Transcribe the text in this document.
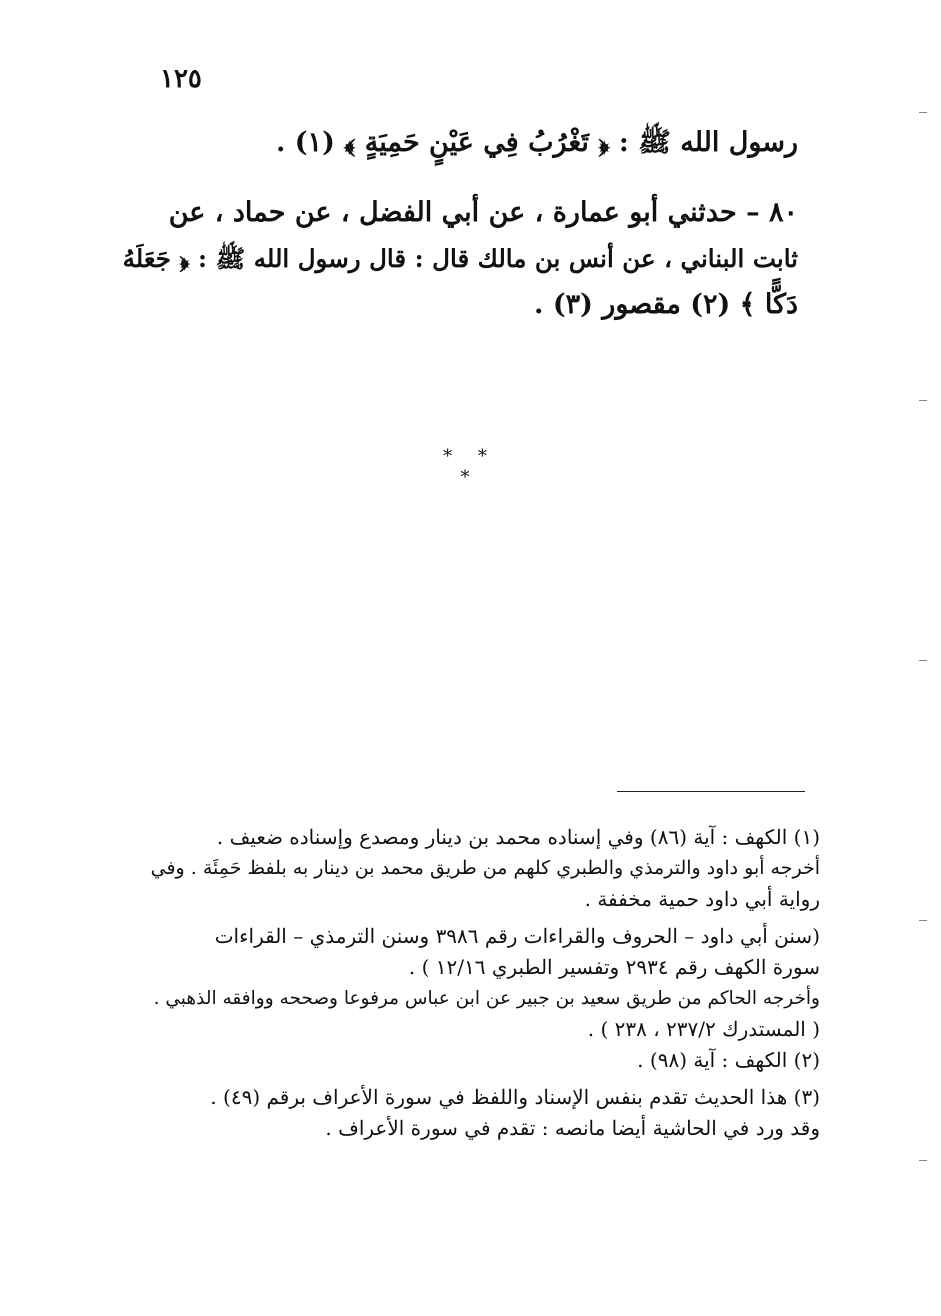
١٢٥
رسول الله ﷺ : ﴿ تَغْرُبُ فِي عَيْنٍ حَمِيَةٍ ﴾ (١) .
٨٠ – حدثني أبو عمارة ، عن أبي الفضل ، عن حماد ، عن
ثابت البناني ، عن أنس بن مالك قال : قال رسول الله ﷺ : ﴿ جَعَلَهُ
دَكًّا ﴾ (٢) مقصور (٣) .
* * *
(١) الكهف : آية (٨٦) وفي إسناده محمد بن دينار ومصدع وإسناده ضعيف .
أخرجه أبو داود والترمذي والطبري كلهم من طريق محمد بن دينار به بلفظ حَمِئَة . وفي
رواية أبي داود حمية مخففة .
(سنن أبي داود – الحروف والقراءات رقم ٣٩٨٦ وسنن الترمذي – القراءات
سورة الكهف رقم ٢٩٣٤ وتفسير الطبري ١٢/١٦ ) .
وأخرجه الحاكم من طريق سعيد بن جبير عن ابن عباس مرفوعا وصححه ووافقه الذهبي .
( المستدرك ٢٣٧/٢ ، ٢٣٨ ) .
(٢) الكهف : آية (٩٨) .
(٣) هذا الحديث تقدم بنفس الإسناد واللفظ في سورة الأعراف برقم (٤٩) .
وقد ورد في الحاشية أيضا مانصه : تقدم في سورة الأعراف .
